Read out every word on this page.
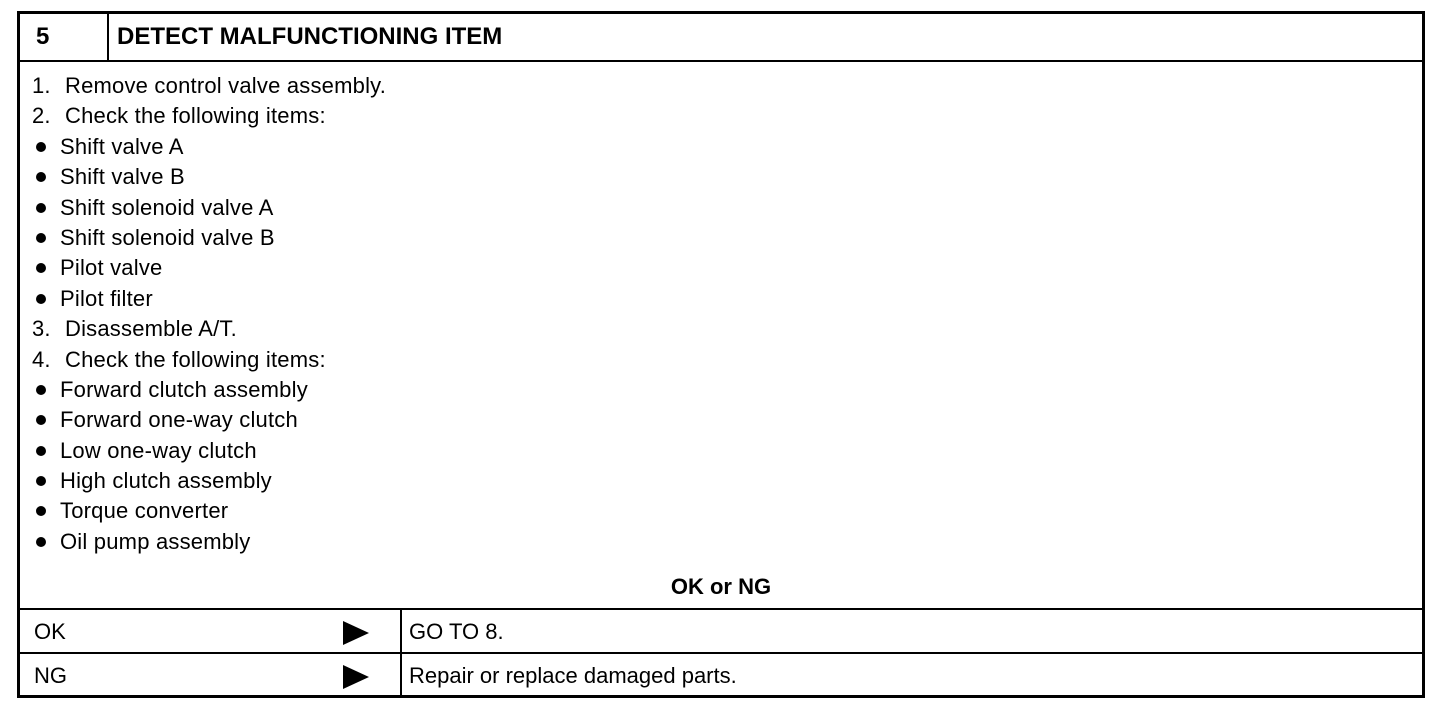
5	DETECT MALFUNCTIONING ITEM
1. Remove control valve assembly.
2. Check the following items:
Shift valve A
Shift valve B
Shift solenoid valve A
Shift solenoid valve B
Pilot valve
Pilot filter
3. Disassemble A/T.
4. Check the following items:
Forward clutch assembly
Forward one-way clutch
Low one-way clutch
High clutch assembly
Torque converter
Oil pump assembly
OK or NG
OK	GO TO 8.
NG	Repair or replace damaged parts.
